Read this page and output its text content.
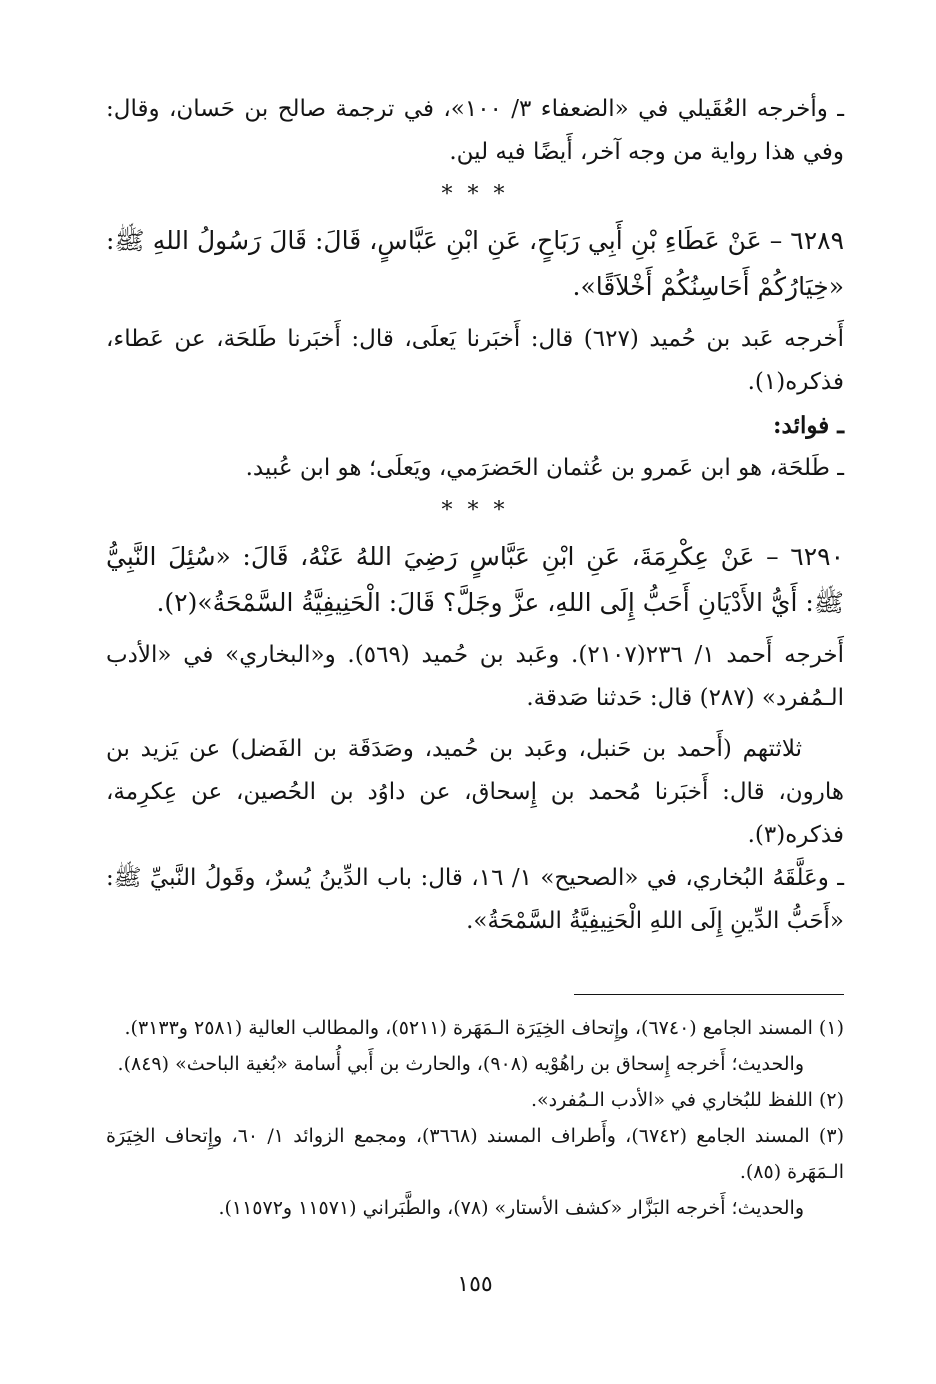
ـ وأخرجه العُقَيلي في «الضعفاء ٣/ ١٠٠»، في ترجمة صالح بن حَسان، وقال: وفي هذا رواية من وجه آخر، أَيضًا فيه لين.

* * *

٦٢٨٩ – عَنْ عَطَاءِ بْنِ أَبِي رَبَاحٍ، عَنِ ابْنِ عَبَّاسٍ، قَالَ: قَالَ رَسُولُ اللهِ ﷺ: «خِيَارُكُمْ أَحَاسِنُكُمْ أَخْلاَقًا».

أَخرجه عَبد بن حُميد (٦٢٧) قال: أَخبَرنا يَعلَى، قال: أَخبَرنا طَلحَة، عن عَطاء، فذكره(١).

ـ فوائد:

ـ طَلحَة، هو ابن عَمرو بن عُثمان الحَضرَمي، ويَعلَى؛ هو ابن عُبيد.

* * *

٦٢٩٠ – عَنْ عِكْرِمَةَ، عَنِ ابْنِ عَبَّاسٍ رَضِيَ اللهُ عَنْهُ، قَالَ: «سُئِلَ النَّبِيُّ ﷺ: أَيُّ الأَدْيَانِ أَحَبُّ إِلَى اللهِ، عزَّ وجَلَّ؟ قَالَ: الْحَنِيفِيَّةُ السَّمْحَةُ»(٢).

أَخرجه أَحمد ١/ ٢٣٦(٢١٠٧). وعَبد بن حُميد (٥٦٩). و«البخاري» في «الأدب الـمُفرد» (٢٨٧) قال: حَدثنا صَدقة.

ثلاثتهم (أَحمد بن حَنبل، وعَبد بن حُميد، وصَدَقَة بن الفَضل) عن يَزيد بن هارون، قال: أَخبَرنا مُحمد بن إِسحاق، عن داوُد بن الحُصين، عن عِكرِمة، فذكره(٣).

ـ وعَلَّقَهُ البُخاري، في «الصحيح» ١/ ١٦، قال: باب الدِّينُ يُسرٌ، وقَولُ النَّبيِّ ﷺ: «أَحَبُّ الدِّينِ إِلَى اللهِ الْحَنِيفِيَّةُ السَّمْحَةُ».

(١) المسند الجامع (٦٧٤٠)، وإِتحاف الخِيَرَة الـمَهَرة (٥٢١١)، والمطالب العالية (٢٥٨١ و٣١٣٣).

والحديث؛ أَخرجه إِسحاق بن راهُوْيه (٩٠٨)، والحارث بن أَبي أُسامة «بُغية الباحث» (٨٤٩).

(٢) اللفظ للبُخاري في «الأدب الـمُفرد».

(٣) المسند الجامع (٦٧٤٢)، وأَطراف المسند (٣٦٦٨)، ومجمع الزوائد ١/ ٦٠، وإِتحاف الخِيَرَة الـمَهَرة (٨٥).

والحديث؛ أَخرجه البَزَّار «كشف الأستار» (٧٨)، والطَّبَراني (١١٥٧١ و١١٥٧٢).

١٥٥
